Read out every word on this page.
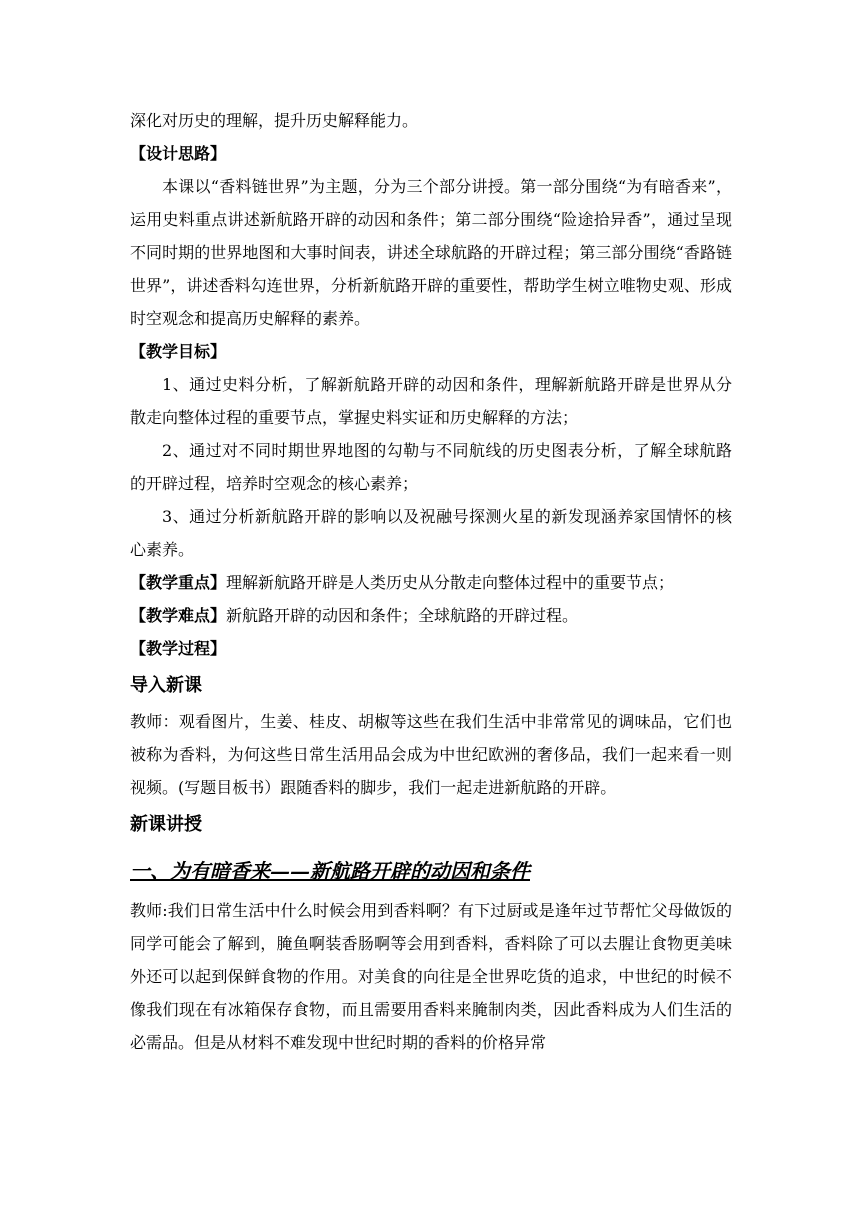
深化对历史的理解，提升历史解释能力。

【设计思路】

本课以“香料链世界”为主题，分为三个部分讲授。第一部分围绕“为有暗香来”，运用史料重点讲述新航路开辟的动因和条件；第二部分围绕“险途拾异香”，通过呈现不同时期的世界地图和大事时间表，讲述全球航路的开辟过程；第三部分围绕“香路链世界”，讲述香料勾连世界，分析新航路开辟的重要性，帮助学生树立唯物史观、形成时空观念和提高历史解释的素养。

【教学目标】

1、通过史料分析，了解新航路开辟的动因和条件，理解新航路开辟是世界从分散走向整体过程的重要节点，掌握史料实证和历史解释的方法；

2、通过对不同时期世界地图的勾勒与不同航线的历史图表分析，了解全球航路的开辟过程，培养时空观念的核心素养；

3、通过分析新航路开辟的影响以及祝融号探测火星的新发现涵养家国情怀的核心素养。

【教学重点】理解新航路开辟是人类历史从分散走向整体过程中的重要节点；

【教学难点】新航路开辟的动因和条件；全球航路的开辟过程。

【教学过程】

导入新课

教师：观看图片，生姜、桂皮、胡椒等这些在我们生活中非常常见的调味品，它们也被称为香料，为何这些日常生活用品会成为中世纪欧洲的奢侈品，我们一起来看一则视频。(写题目板书）跟随香料的脚步，我们一起走进新航路的开辟。

新课讲授

一、为有暗香来——新航路开辟的动因和条件

教师:我们日常生活中什么时候会用到香料啊？有下过厨或是逢年过节帮忙父母做饭的同学可能会了解到，腌鱼啊装香肠啊等会用到香料，香料除了可以去腥让食物更美味外还可以起到保鲜食物的作用。对美食的向往是全世界吃货的追求，中世纪的时候不像我们现在有冰箱保存食物，而且需要用香料来腌制肉类，因此香料成为人们生活的必需品。但是从材料不难发现中世纪时期的香料的价格异常
